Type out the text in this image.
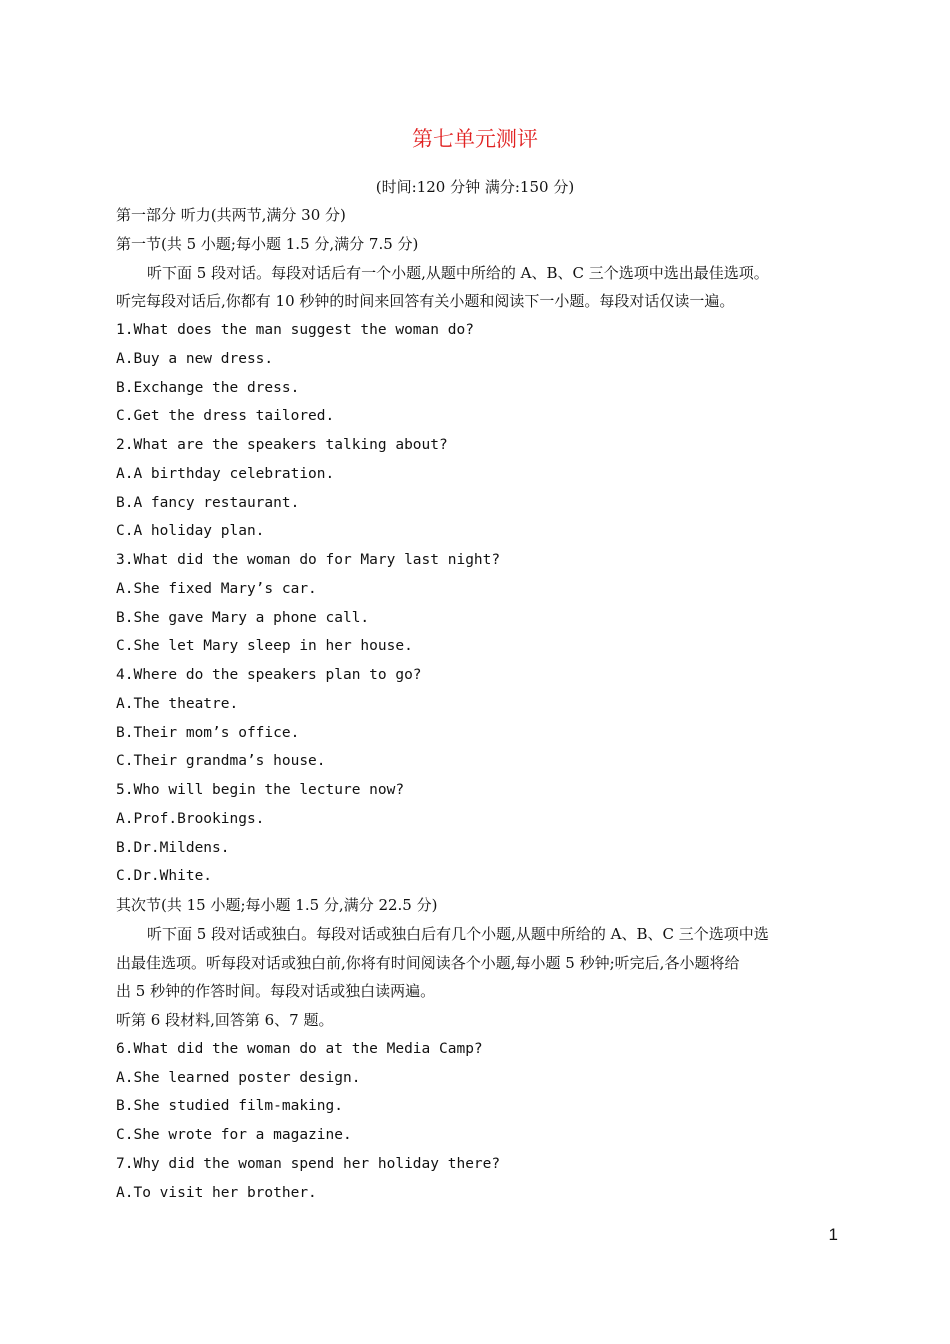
第七单元测评
(时间:120 分钟 满分:150 分)
第一部分 听力(共两节,满分 30 分)
第一节(共 5 小题;每小题 1.5 分,满分 7.5 分)
听下面 5 段对话。每段对话后有一个小题,从题中所给的 A、B、C 三个选项中选出最佳选项。
听完每段对话后,你都有 10 秒钟的时间来回答有关小题和阅读下一小题。每段对话仅读一遍。
1.What does the man suggest the woman do?
A.Buy a new dress.
B.Exchange the dress.
C.Get the dress tailored.
2.What are the speakers talking about?
A.A birthday celebration.
B.A fancy restaurant.
C.A holiday plan.
3.What did the woman do for Mary last night?
A.She fixed Mary’s car.
B.She gave Mary a phone call.
C.She let Mary sleep in her house.
4.Where do the speakers plan to go?
A.The theatre.
B.Their mom’s office.
C.Their grandma’s house.
5.Who will begin the lecture now?
A.Prof.Brookings.
B.Dr.Mildens.
C.Dr.White.
其次节(共 15 小题;每小题 1.5 分,满分 22.5 分)
听下面 5 段对话或独白。每段对话或独白后有几个小题,从题中所给的 A、B、C 三个选项中选
出最佳选项。听每段对话或独白前,你将有时间阅读各个小题,每小题 5 秒钟;听完后,各小题将给
出 5 秒钟的作答时间。每段对话或独白读两遍。
听第 6 段材料,回答第 6、7 题。
6.What did the woman do at the Media Camp?
A.She learned poster design.
B.She studied film-making.
C.She wrote for a magazine.
7.Why did the woman spend her holiday there?
A.To visit her brother.
1
